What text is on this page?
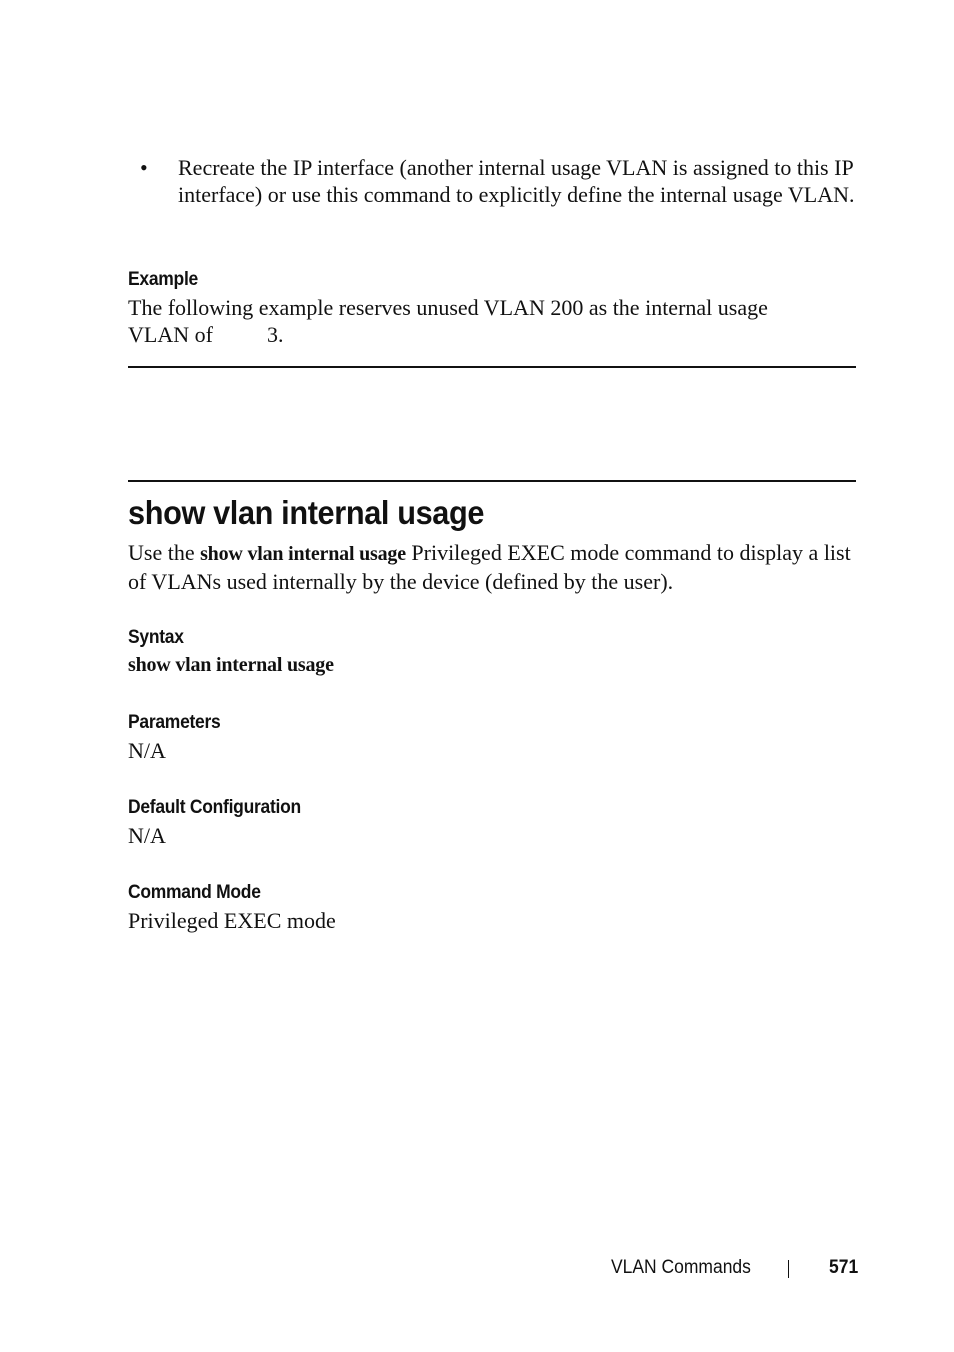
• Recreate the IP interface (another internal usage VLAN is assigned to this IP interface) or use this command to explicitly define the internal usage VLAN.
Example
The following example reserves unused VLAN 200 as the internal usage
VLAN of 3.
show vlan internal usage
Use the show vlan internal usage Privileged EXEC mode command to display a list of VLANs used internally by the device (defined by the user).
Syntax
show vlan internal usage
Parameters
N/A
Default Configuration
N/A
Command Mode
Privileged EXEC mode
VLAN Commands	571
